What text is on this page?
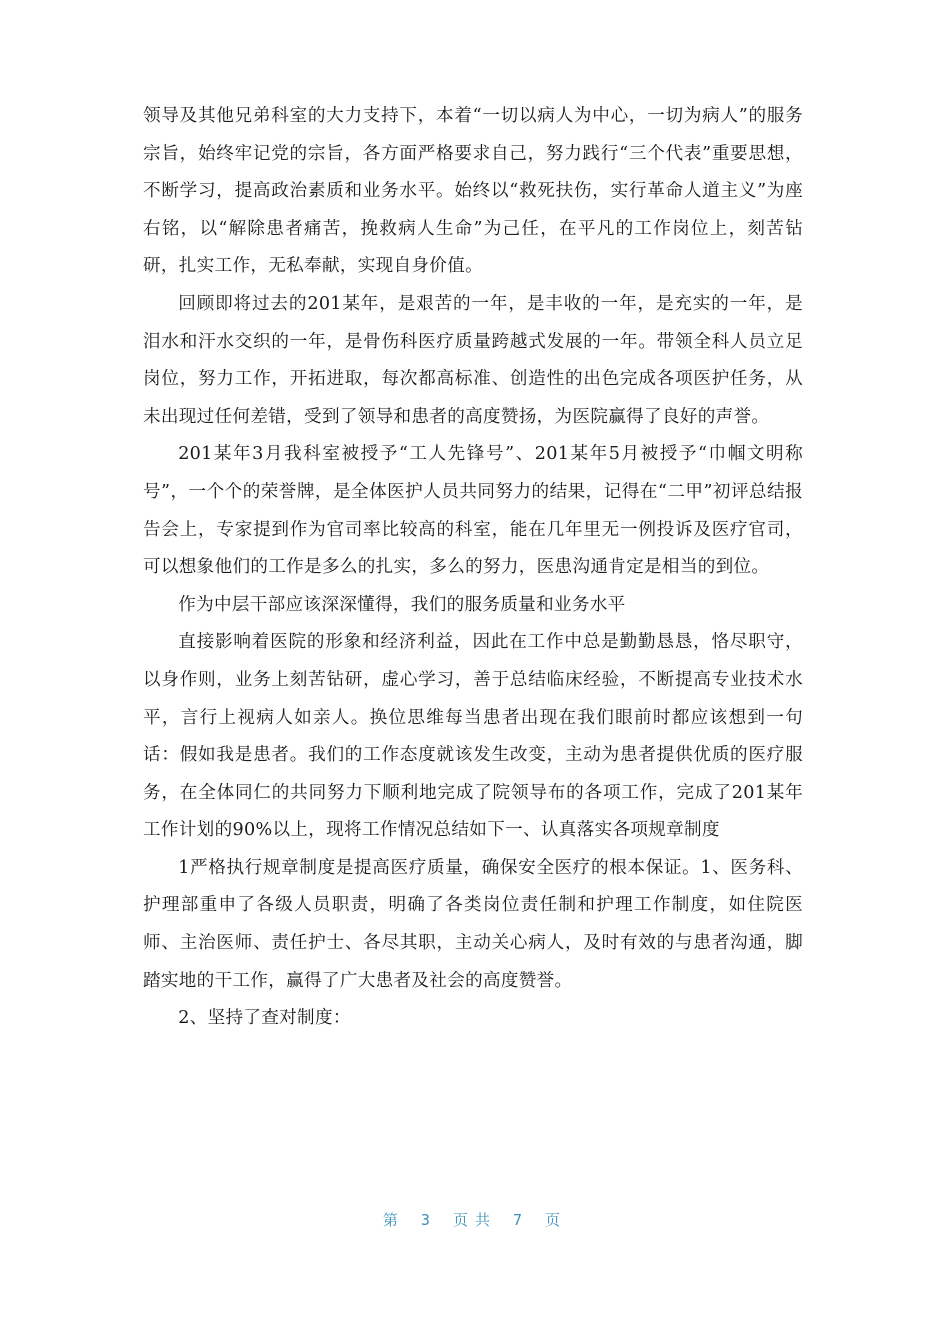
领导及其他兄弟科室的大力支持下，本着“一切以病人为中心，一切为病人”的服务宗旨，始终牢记党的宗旨，各方面严格要求自己，努力践行“三个代表”重要思想，不断学习，提高政治素质和业务水平。始终以“救死扶伤，实行革命人道主义”为座右铭，以“解除患者痛苦，挽救病人生命”为己任，在平凡的工作岗位上，刻苦钻研，扎实工作，无私奉献，实现自身价值。

回顾即将过去的201某年，是艰苦的一年，是丰收的一年，是充实的一年，是泪水和汗水交织的一年，是骨伤科医疗质量跨越式发展的一年。带领全科人员立足岗位，努力工作，开拓进取，每次都高标准、创造性的出色完成各项医护任务，从未出现过任何差错，受到了领导和患者的高度赞扬，为医院赢得了良好的声誉。

201某年3月我科室被授予“工人先锋号”、201某年5月被授予“巾帼文明称号”，一个个的荣誉牌，是全体医护人员共同努力的结果，记得在“二甲”初评总结报告会上，专家提到作为官司率比较高的科室，能在几年里无一例投诉及医疗官司，可以想象他们的工作是多么的扎实，多么的努力，医患沟通肯定是相当的到位。

作为中层干部应该深深懂得，我们的服务质量和业务水平

直接影响着医院的形象和经济利益，因此在工作中总是勤勤恳恳，恪尽职守，以身作则，业务上刻苦钻研，虚心学习，善于总结临床经验，不断提高专业技术水平，言行上视病人如亲人。换位思维每当患者出现在我们眼前时都应该想到一句话：假如我是患者。我们的工作态度就该发生改变，主动为患者提供优质的医疗服务，在全体同仁的共同努力下顺利地完成了院领导布的各项工作，完成了201某年工作计划的90%以上，现将工作情况总结如下一、认真落实各项规章制度

1严格执行规章制度是提高医疗质量，确保安全医疗的根本保证。1、医务科、护理部重申了各级人员职责，明确了各类岗位责任制和护理工作制度，如住院医师、主治医师、责任护士、各尽其职，主动关心病人，及时有效的与患者沟通，脚踏实地的干工作，赢得了广大患者及社会的高度赞誉。

2、坚持了查对制度：

第 3 页共 7 页
